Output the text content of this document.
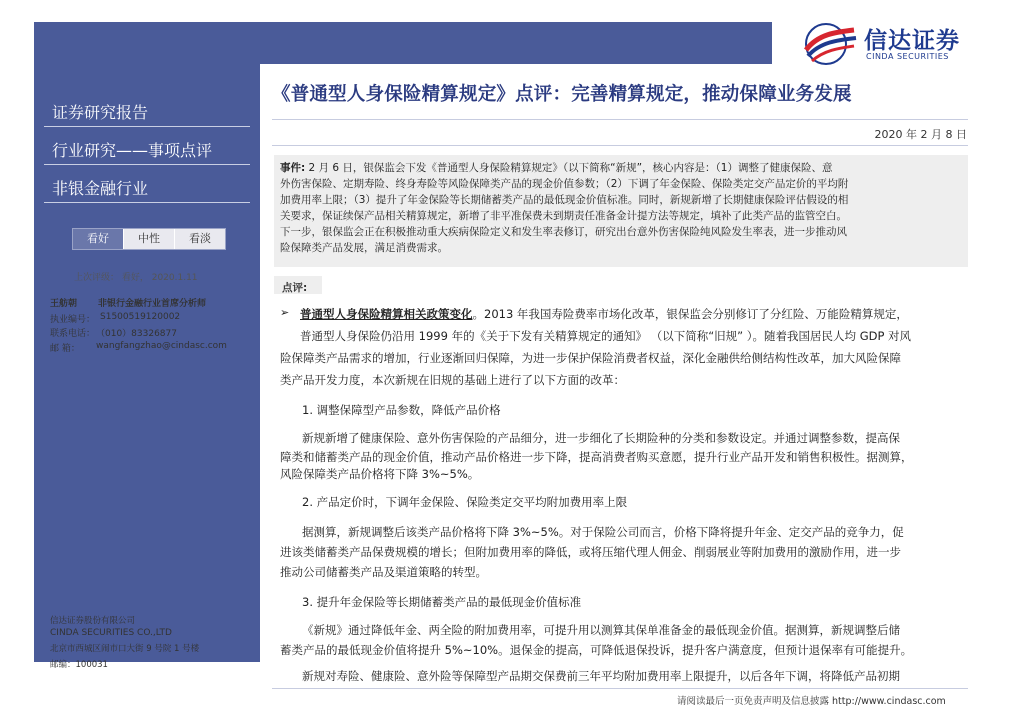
信达证券
CINDA SECURITIES
证券研究报告
行业研究——事项点评
非银金融行业
看好	中性	看淡
上次评级： 看好， 2020.1.11
王舫朝 非银行金融行业首席分析师
执业编号： S1500519120002
联系电话： （010）83326877
邮 箱： wangfangzhao@cindasc.com
信达证券股份有限公司
CINDA SECURITIES CO.,LTD
北京市西城区闹市口大街 9 号院 1 号楼
邮编：100031
《普通型人身保险精算规定》点评：完善精算规定，推动保障业务发展
2020 年 2 月 8 日
事件: 2 月 6 日，银保监会下发《普通型人身保险精算规定》（以下简称“新规”，核心内容是：（1）调整了健康保险、意
外伤害保险、定期寿险、终身寿险等风险保障类产品的现金价值参数；（2）下调了年金保险、保险类定交产品定价的平均附
加费用率上限；（3）提升了年金保险等长期储蓄类产品的最低现金价值标准。同时，新规新增了长期健康保险评估假设的相
关要求，保证续保产品相关精算规定，新增了非平准保费未到期责任准备金计提方法等规定，填补了此类产品的监管空白。
下一步，银保监会正在积极推动重大疾病保险定义和发生率表修订，研究出台意外伤害保险纯风险发生率表，进一步推动风
险保障类产品发展，满足消费需求。
点评:
➢ 普通型人身保险精算相关政策变化。2013 年我国寿险费率市场化改革，银保监会分别修订了分红险、万能险精算规定，
普通型人身保险仍沿用 1999 年的《关于下发有关精算规定的通知》 （以下简称“旧规” ）。随着我国居民人均 GDP 对风
险保障类产品需求的增加，行业逐渐回归保障，为进一步保护保险消费者权益，深化金融供给侧结构性改革，加大风险保障
类产品开发力度，本次新规在旧规的基础上进行了以下方面的改革：
1. 调整保障型产品参数，降低产品价格
新规新增了健康保险、意外伤害保险的产品细分，进一步细化了长期险种的分类和参数设定。并通过调整参数，提高保
障类和储蓄类产品的现金价值，推动产品价格进一步下降，提高消费者购买意愿，提升行业产品开发和销售积极性。据测算，
风险保障类产品价格将下降 3%~5%。
2. 产品定价时，下调年金保险、保险类定交平均附加费用率上限
据测算，新规调整后该类产品价格将下降 3%~5%。对于保险公司而言，价格下降将提升年金、定交产品的竞争力，促
进该类储蓄类产品保费规模的增长；但附加费用率的降低，或将压缩代理人佣金、削弱展业等附加费用的激励作用，进一步
推动公司储蓄类产品及渠道策略的转型。
3. 提升年金保险等长期储蓄类产品的最低现金价值标准
《新规》通过降低年金、两全险的附加费用率，可提升用以测算其保单准备金的最低现金价值。据测算，新规调整后储
蓄类产品的最低现金价值将提升 5%~10%。退保金的提高，可降低退保投诉，提升客户满意度，但预计退保率有可能提升。
新规对寿险、健康险、意外险等保障型产品期交保费前三年平均附加费用率上限提升，以后各年下调，将降低产品初期
请阅读最后一页免责声明及信息披露 http://www.cindasc.com
